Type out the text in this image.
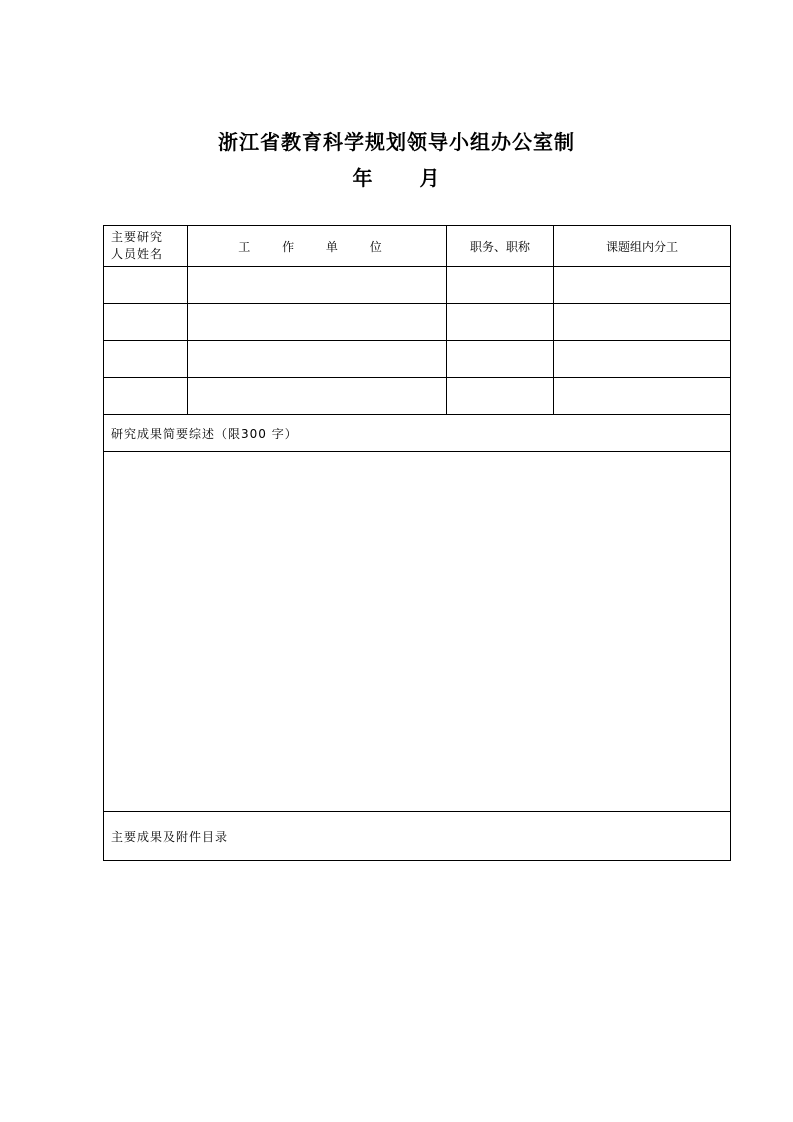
浙江省教育科学规划领导小组办公室制
年 月
主要研究
人员姓名	工 作 单 位	职务、职称	课题组内分工

研究成果简要综述（限300 字）			

主要成果及附件目录			
